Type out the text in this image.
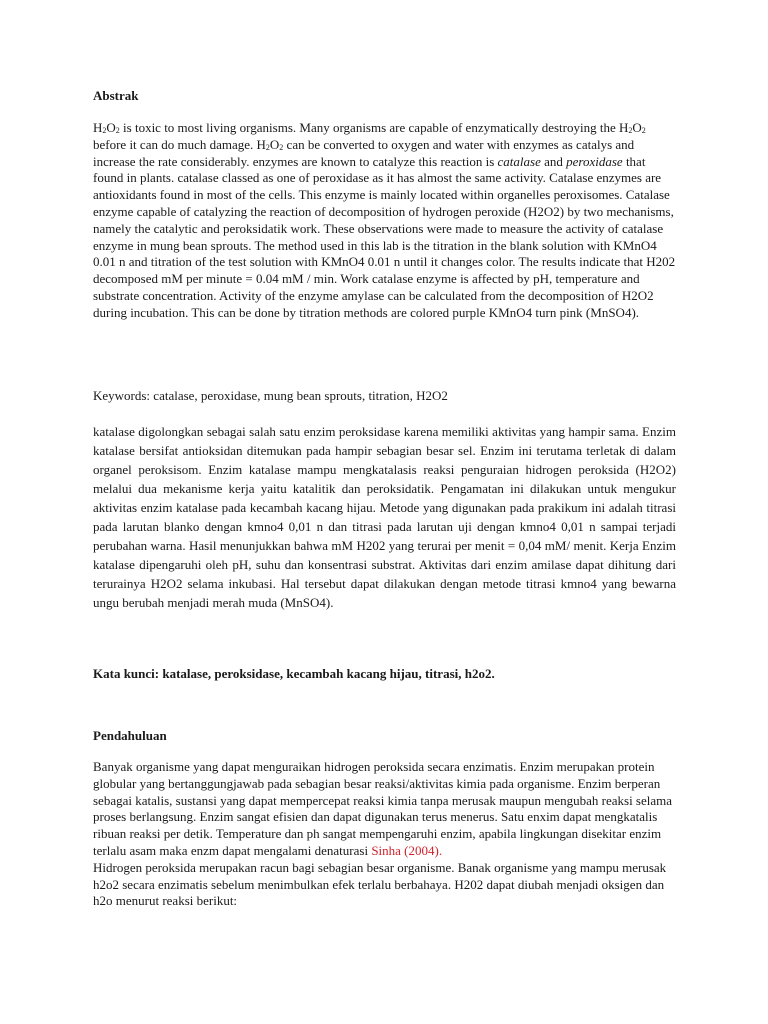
Abstrak

$H_2O_2$ is toxic to most living organisms. Many organisms are capable of enzymatically destroying the $H_2O_2$ before it can do much damage. $H_2O_2$ can be converted to oxygen and water with enzymes as catalys and increase the rate considerably. enzymes are known to catalyze this reaction is catalase and peroxidase that found in plants. catalase classed as one of peroxidase as it has almost the same activity. Catalase enzymes are antioxidants found in most of the cells. This enzyme is mainly located within organelles peroxisomes. Catalase enzyme capable of catalyzing the reaction of decomposition of hydrogen peroxide (H2O2) by two mechanisms, namely the catalytic and peroksidatik work. These observations were made to measure the activity of catalase enzyme in mung bean sprouts. The method used in this lab is the titration in the blank solution with KMnO4 0.01 n and titration of the test solution with KMnO4 0.01 n until it changes color. The results indicate that H202 decomposed mM per minute = 0.04 mM / min. Work catalase enzyme is affected by pH, temperature and substrate concentration. Activity of the enzyme amylase can be calculated from the decomposition of H2O2 during incubation. This can be done by titration methods are colored purple KMnO4 turn pink (MnSO4).

Keywords: catalase, peroxidase, mung bean sprouts, titration, H2O2

katalase digolongkan sebagai salah satu enzim peroksidase karena memiliki aktivitas yang hampir sama. Enzim katalase bersifat antioksidan ditemukan pada hampir sebagian besar sel. Enzim ini terutama terletak di dalam organel peroksisom. Enzim katalase mampu mengkatalasis reaksi penguraian hidrogen peroksida (H2O2) melalui dua mekanisme kerja yaitu katalitik dan peroksidatik. Pengamatan ini dilakukan untuk mengukur aktivitas enzim katalase pada kecambah kacang hijau. Metode yang digunakan pada prakikum ini adalah titrasi pada larutan blanko dengan kmno4 0,01 n dan titrasi pada larutan uji dengan kmno4 0,01 n sampai terjadi perubahan warna. Hasil menunjukkan bahwa mM H202 yang terurai per menit = 0,04 mM/ menit. Kerja Enzim katalase dipengaruhi oleh pH, suhu dan konsentrasi substrat. Aktivitas dari enzim amilase dapat dihitung dari terurainya H2O2 selama inkubasi. Hal tersebut dapat dilakukan dengan metode titrasi kmno4 yang bewarna ungu berubah menjadi merah muda (MnSO4).

Kata kunci: katalase, peroksidase, kecambah kacang hijau, titrasi, h2o2.

Pendahuluan

Banyak organisme yang dapat menguraikan hidrogen peroksida secara enzimatis. Enzim merupakan protein globular yang bertanggungjawab pada sebagian besar reaksi/aktivitas kimia pada organisme. Enzim berperan sebagai katalis, sustansi yang dapat mempercepat reaksi kimia tanpa merusak maupun mengubah reaksi selama proses berlangsung. Enzim sangat efisien dan dapat digunakan terus menerus. Satu enxim dapat mengkatalis ribuan reaksi per detik. Temperature dan ph sangat mempengaruhi enzim, apabila lingkungan disekitar enzim terlalu asam maka enzm dapat mengalami denaturasi Sinha (2004).
Hidrogen peroksida merupakan racun bagi sebagian besar organisme. Banak organisme yang mampu merusak h2o2 secara enzimatis sebelum menimbulkan efek terlalu berbahaya. H202 dapat diubah menjadi oksigen dan h2o menurut reaksi berikut:
